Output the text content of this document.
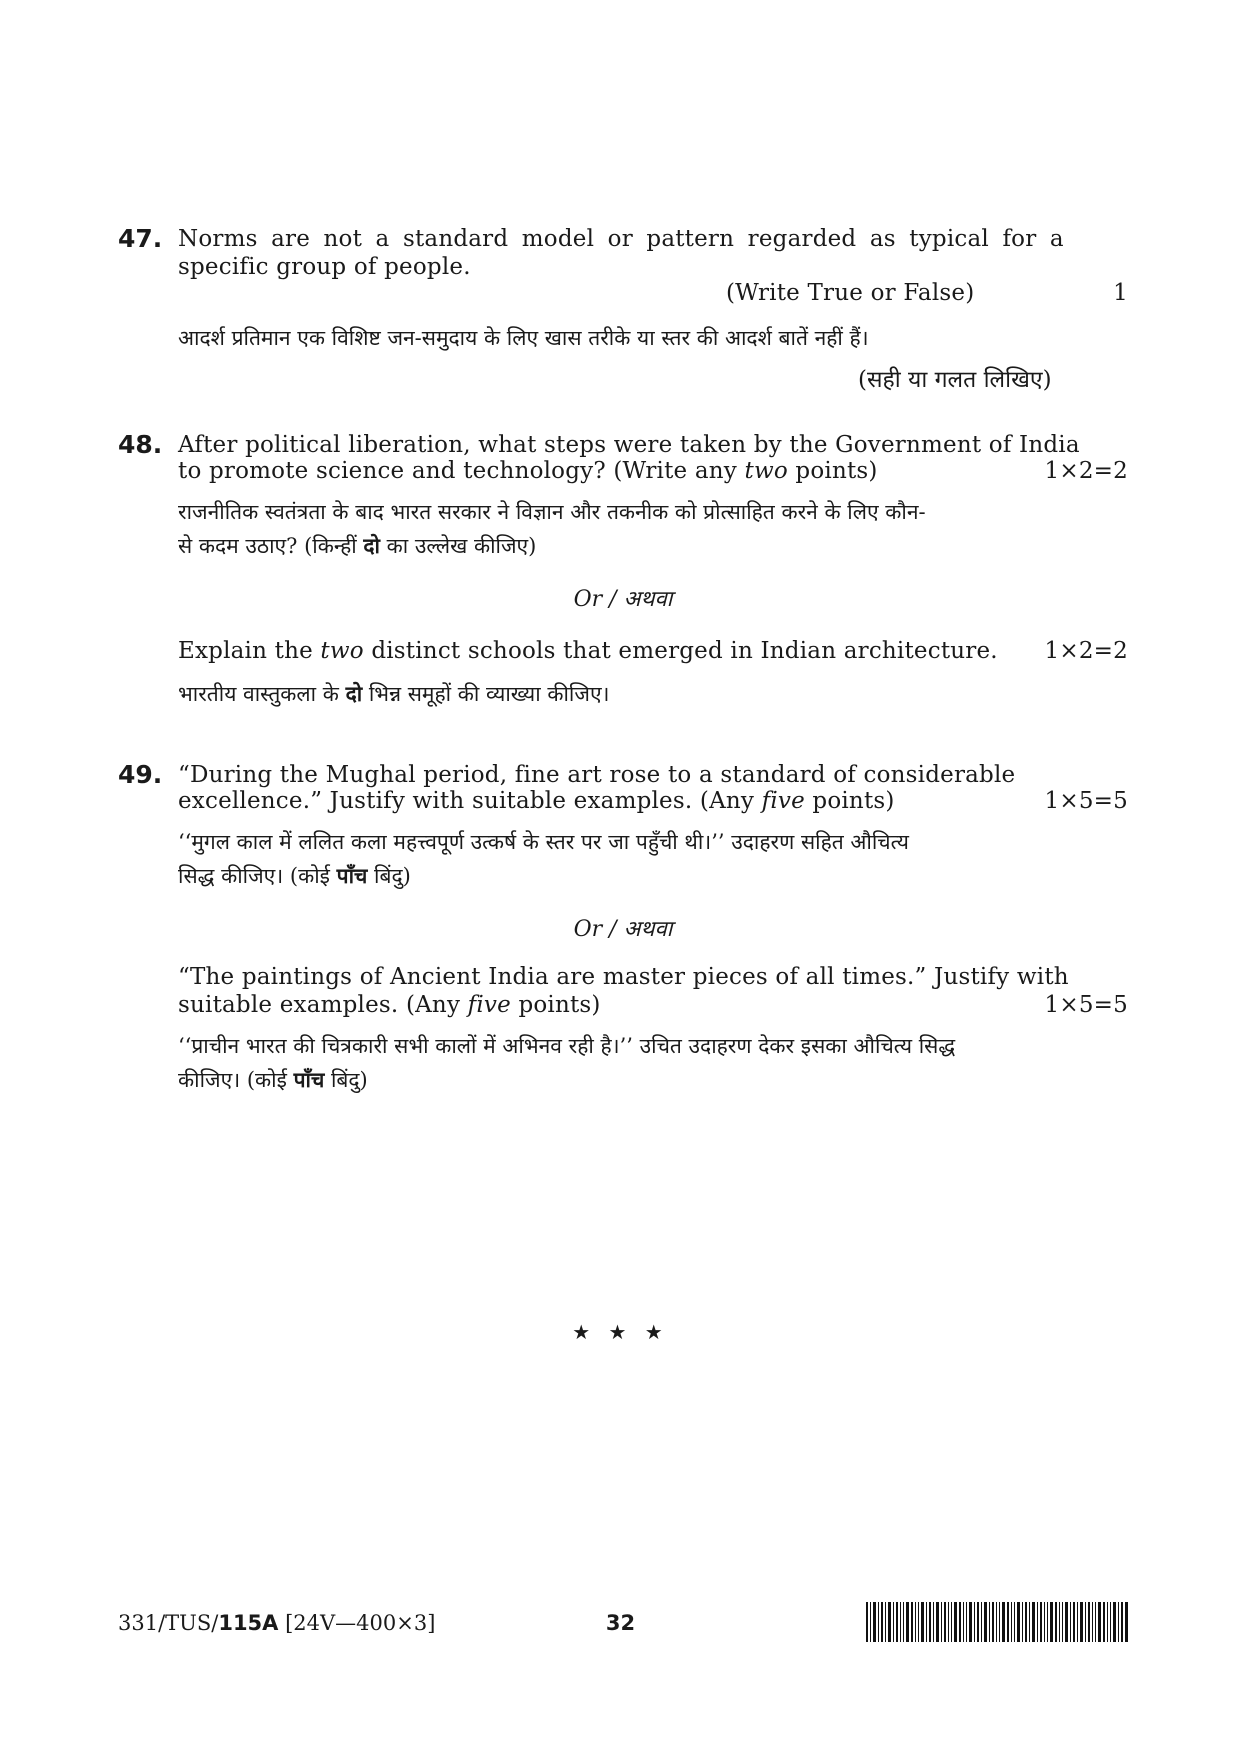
47. Norms are not a standard model or pattern regarded as typical for a
specific group of people.
(Write True or False)	1
आदर्श प्रतिमान एक विशिष्ट जन-समुदाय के लिए खास तरीके या स्तर की आदर्श बातें नहीं हैं।
(सही या गलत लिखिए)
48. After political liberation, what steps were taken by the Government of India
to promote science and technology? (Write any two points)	1×2=2
राजनीतिक स्वतंत्रता के बाद भारत सरकार ने विज्ञान और तकनीक को प्रोत्साहित करने के लिए कौन-
से कदम उठाए? (किन्हीं दो का उल्लेख कीजिए)
Or / अथवा
Explain the two distinct schools that emerged in Indian architecture. 1×2=2
भारतीय वास्तुकला के दो भिन्न समूहों की व्याख्या कीजिए।
49. “During the Mughal period, fine art rose to a standard of considerable
excellence.” Justify with suitable examples. (Any five points)	1×5=5
‘‘मुगल काल में ललित कला महत्त्वपूर्ण उत्कर्ष के स्तर पर जा पहुँची थी।’’ उदाहरण सहित औचित्य
सिद्ध कीजिए। (कोई पाँच बिंदु)
Or / अथवा
“The paintings of Ancient India are master pieces of all times.” Justify with
suitable examples. (Any five points)	1×5=5
‘‘प्राचीन भारत की चित्रकारी सभी कालों में अभिनव रही है।’’ उचित उदाहरण देकर इसका औचित्य सिद्ध
कीजिए। (कोई पाँच बिंदु)
★ ★ ★
331/TUS/115A [24V—400×3]	32
